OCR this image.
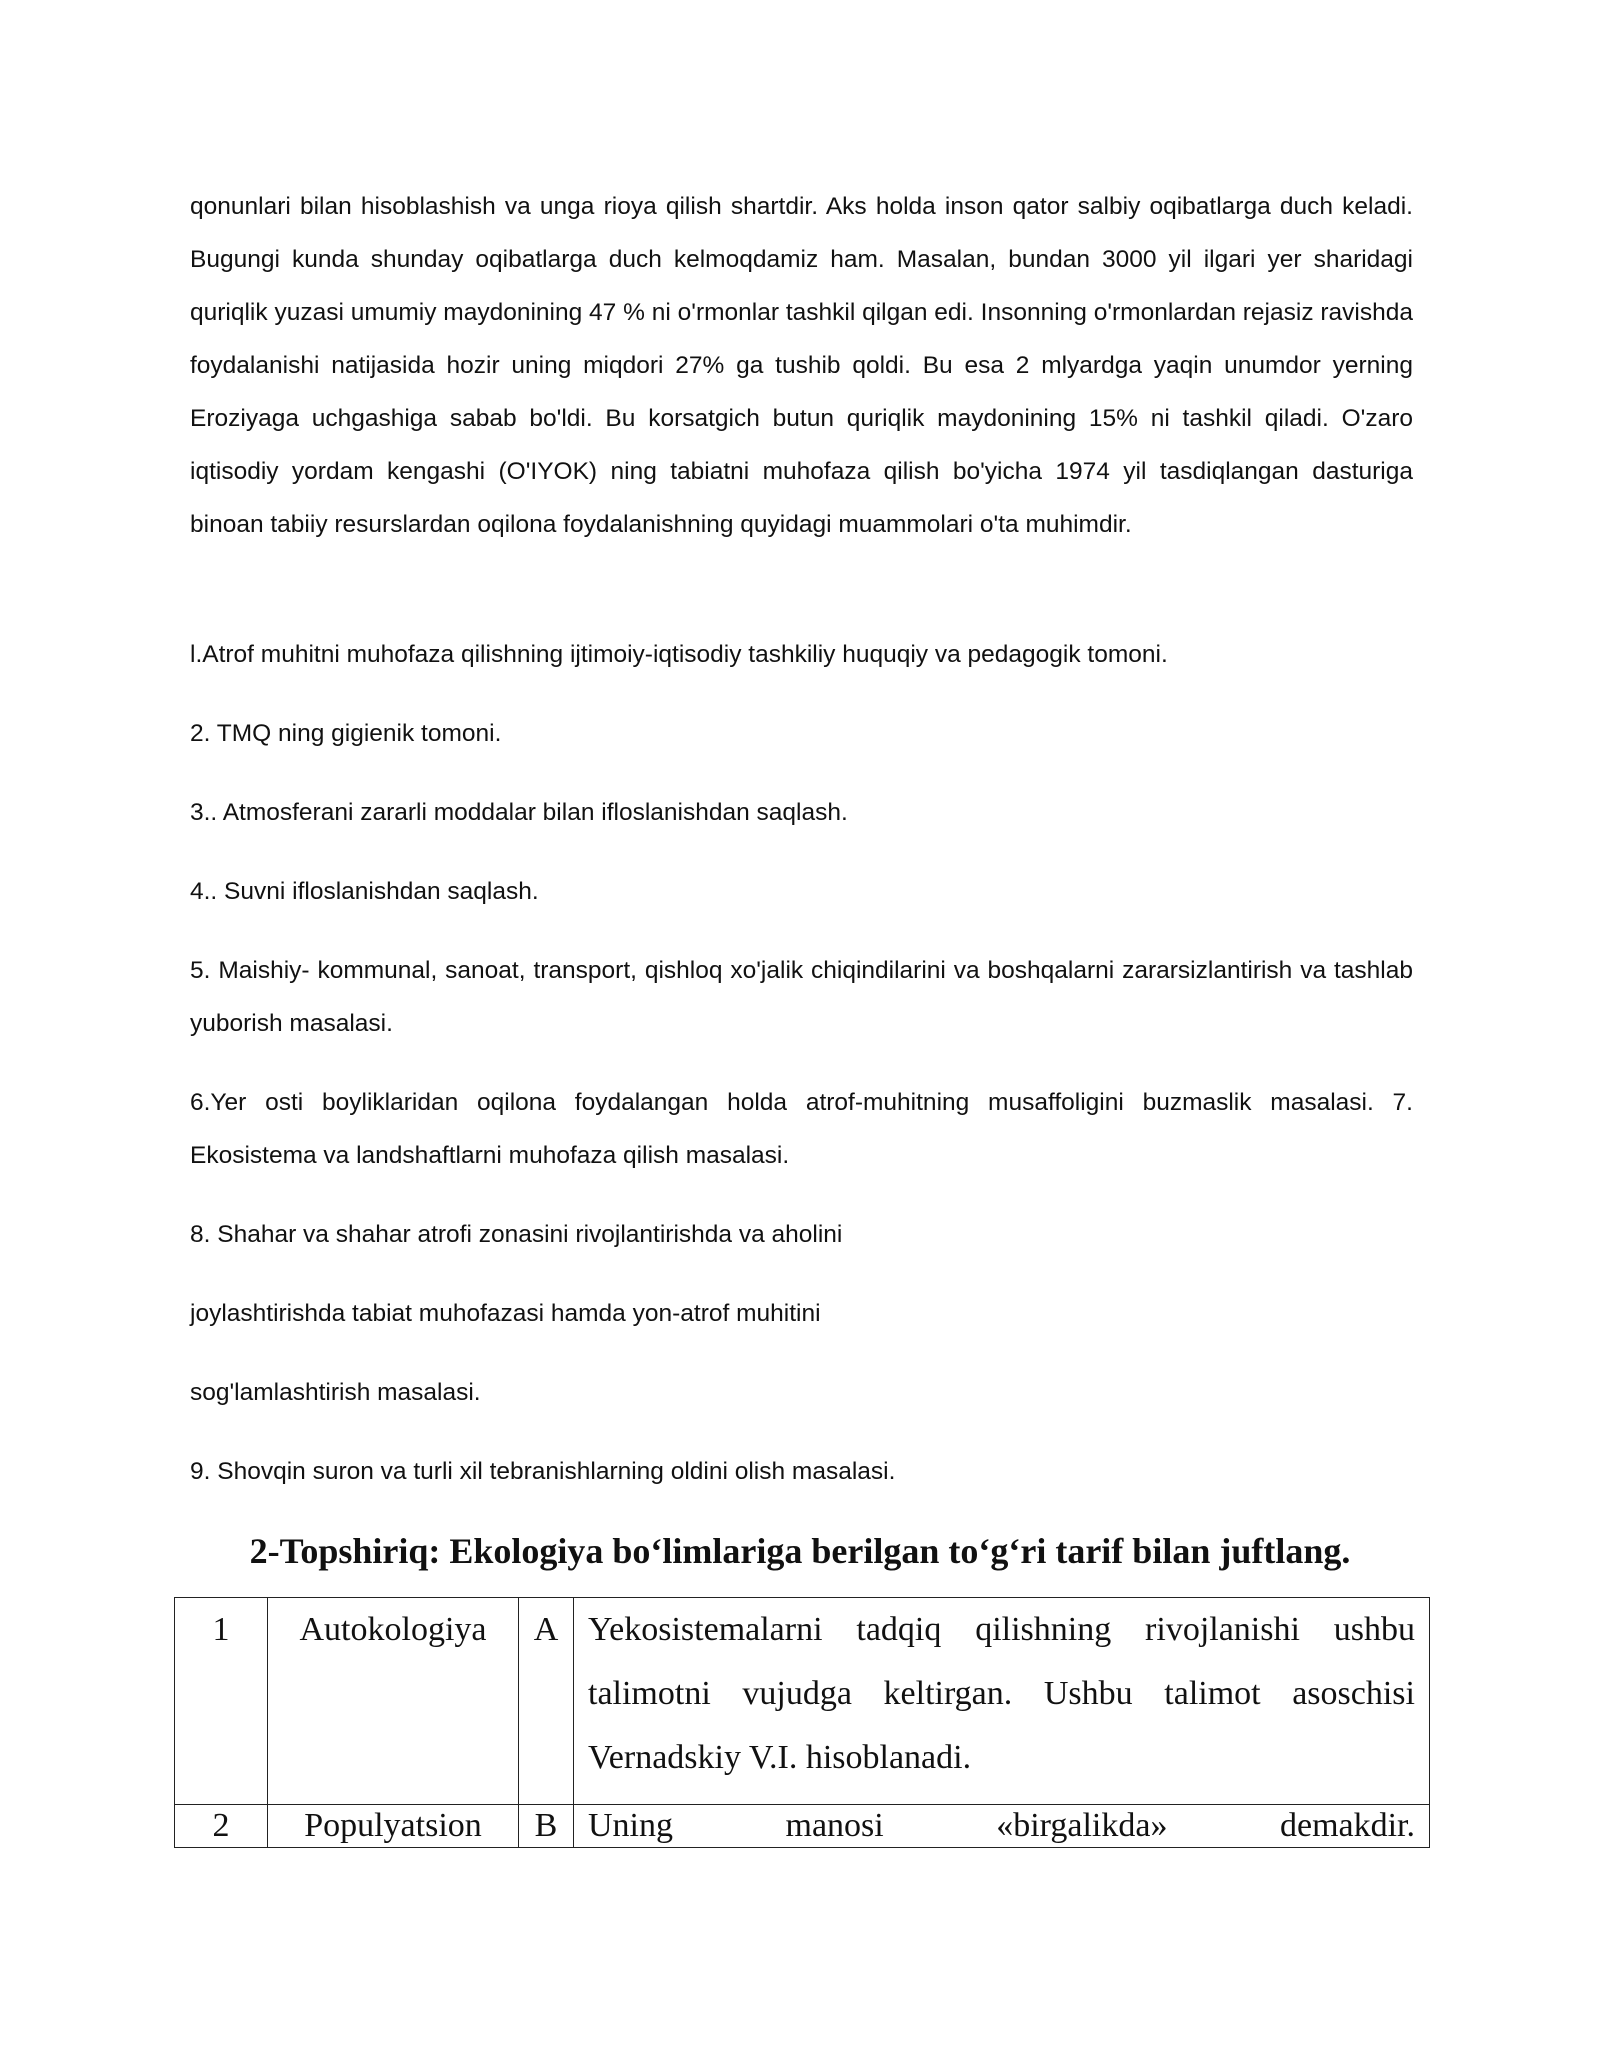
qonunlari bilan hisoblashish va unga rioya qilish shartdir. Aks holda inson qator salbiy oqibatlarga duch keladi. Bugungi kunda shunday oqibatlarga duch kelmoqdamiz ham. Masalan, bundan 3000 yil ilgari yer sharidagi quriqlik yuzasi umumiy maydonining 47 % ni o'rmonlar tashkil qilgan edi. Insonning o'rmonlardan rejasiz ravishda foydalanishi natijasida hozir uning miqdori 27% ga tushib qoldi. Bu esa 2 mlyardga yaqin unumdor yerning Eroziyaga uchgashiga sabab bo'ldi. Bu korsatgich butun quriqlik maydonining 15% ni tashkil qiladi. O'zaro iqtisodiy yordam kengashi (O'IYOK) ning tabiatni muhofaza qilish bo'yicha 1974 yil tasdiqlangan dasturiga binoan tabiiy resurslardan oqilona foydalanishning quyidagi muammolari o'ta muhimdir.

l.Atrof muhitni muhofaza qilishning ijtimoiy-iqtisodiy tashkiliy huquqiy va pedagogik tomoni.

2. TMQ ning gigienik tomoni.

3.. Atmosferani zararli moddalar bilan ifloslanishdan saqlash.

4.. Suvni ifloslanishdan saqlash.

5. Maishiy- kommunal, sanoat, transport, qishloq xo'jalik chiqindilarini va boshqalarni zararsizlantirish va tashlab yuborish masalasi.

6.Yer osti boyliklaridan oqilona foydalangan holda atrof-muhitning musaffoligini buzmaslik masalasi. 7. Ekosistema va landshaftlarni muhofaza qilish masalasi.

8. Shahar va shahar atrofi zonasini rivojlantirishda va aholini

joylashtirishda tabiat muhofazasi hamda yon-atrof muhitini

sog'lamlashtirish masalasi.

9. Shovqin suron va turli xil tebranishlarning oldini olish masalasi.

2-Topshiriq: Ekologiya bo‘limlariga berilgan to‘g‘ri tarif bilan juftlang.
1	Autokologiya	A	Yekosistemalarni tadqiq qilishning rivojlanishi ushbu talimotni vujudga keltirgan. Ushbu talimot asoschisi Vernadskiy V.I. hisoblanadi.
2	Populyatsion	B	Uning manosi «birgalikda» demakdir.
